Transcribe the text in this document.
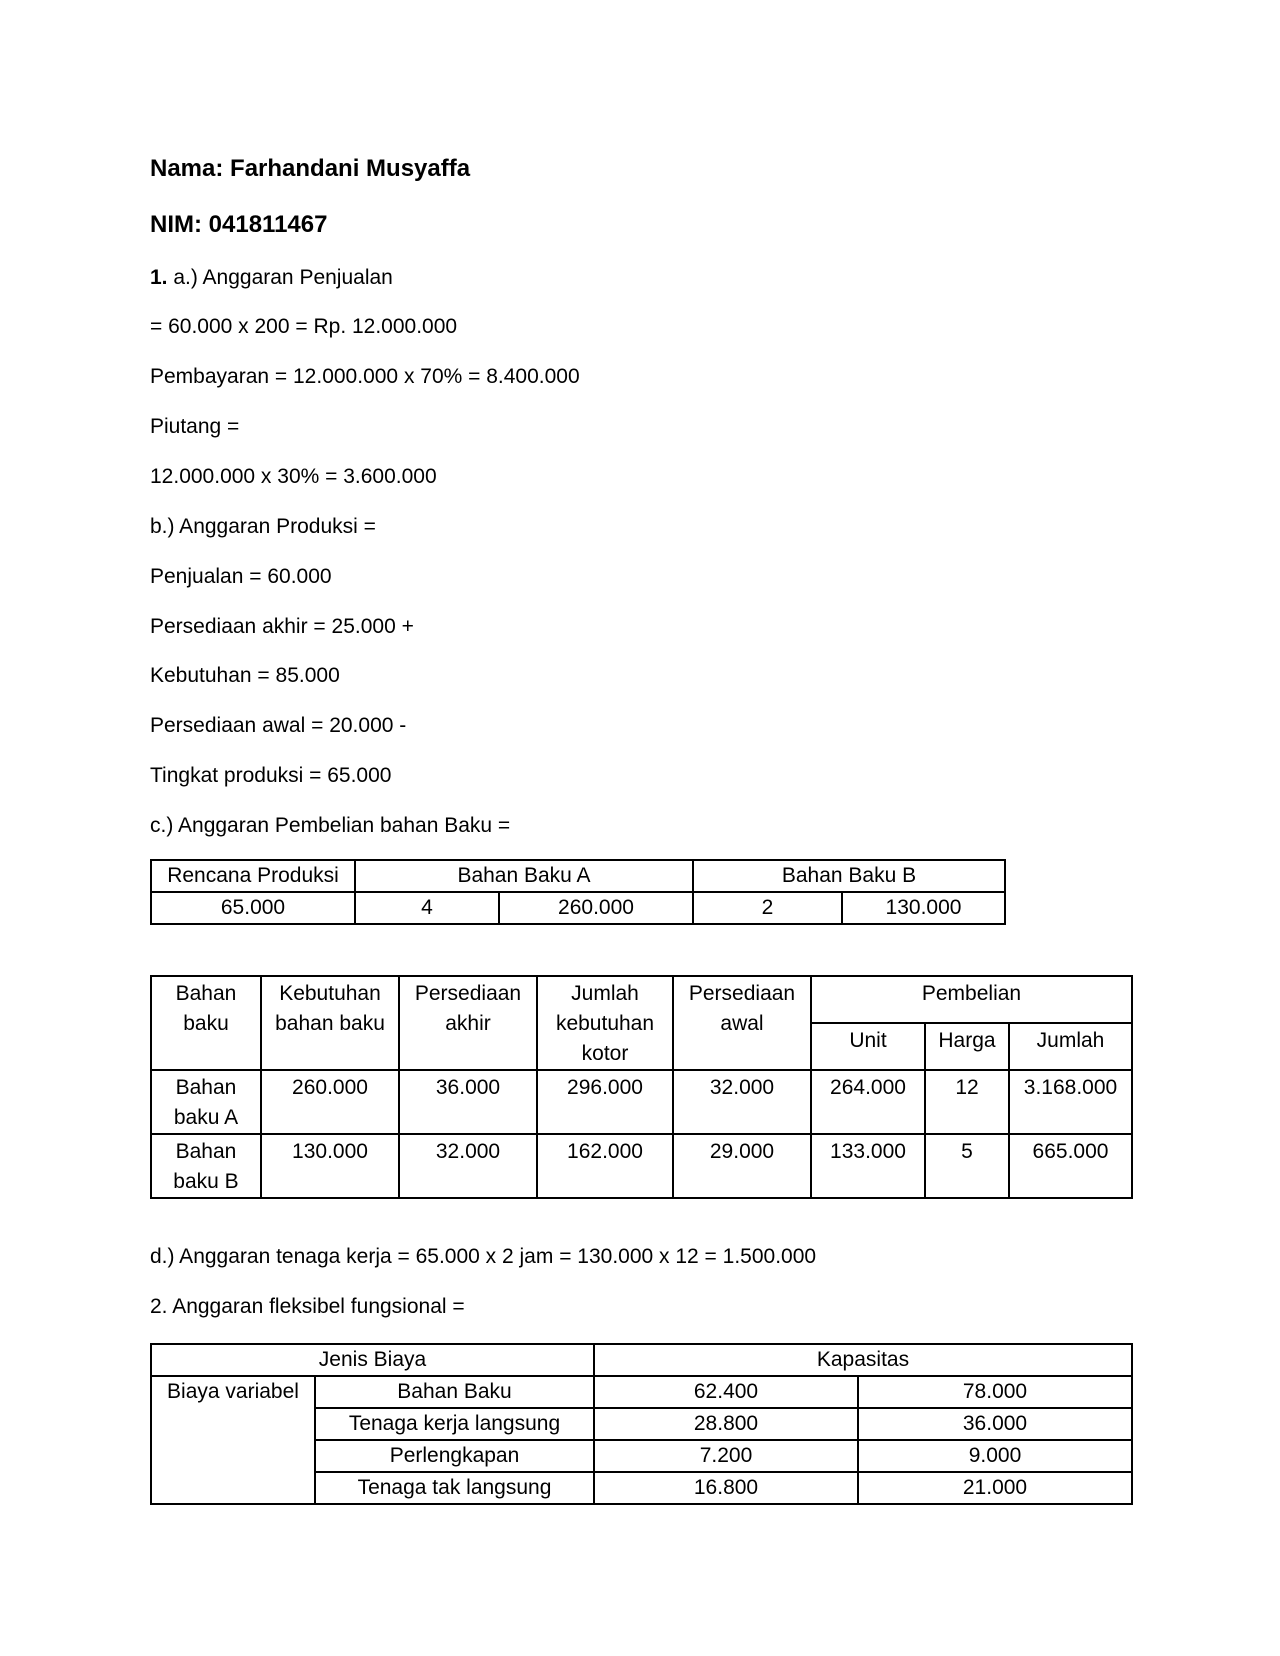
Nama: Farhandani Musyaffa
NIM: 041811467
1. a.) Anggaran Penjualan
= 60.000 x 200 = Rp. 12.000.000
Pembayaran = 12.000.000 x 70% = 8.400.000
Piutang =
12.000.000 x 30% = 3.600.000
b.) Anggaran Produksi =
Penjualan = 60.000
Persediaan akhir = 25.000 +
Kebutuhan = 85.000
Persediaan awal = 20.000 -
Tingkat produksi = 65.000
c.) Anggaran Pembelian bahan Baku =
Rencana Produksi	Bahan Baku A		Bahan Baku B	
65.000	4	260.000	2	130.000
Bahan baku	Kebutuhan bahan baku	Persediaan akhir	Jumlah kebutuhan kotor	Persediaan awal	Pembelian		
					Unit	Harga	Jumlah
Bahan baku A	260.000	36.000	296.000	32.000	264.000	12	3.168.000
Bahan baku B	130.000	32.000	162.000	29.000	133.000	5	665.000
d.) Anggaran tenaga kerja = 65.000 x 2 jam = 130.000 x 12 = 1.500.000
2. Anggaran fleksibel fungsional =
Jenis Biaya		Kapasitas	
Biaya variabel	Bahan Baku	62.400	78.000
	Tenaga kerja langsung	28.800	36.000
	Perlengkapan	7.200	9.000
	Tenaga tak langsung	16.800	21.000
